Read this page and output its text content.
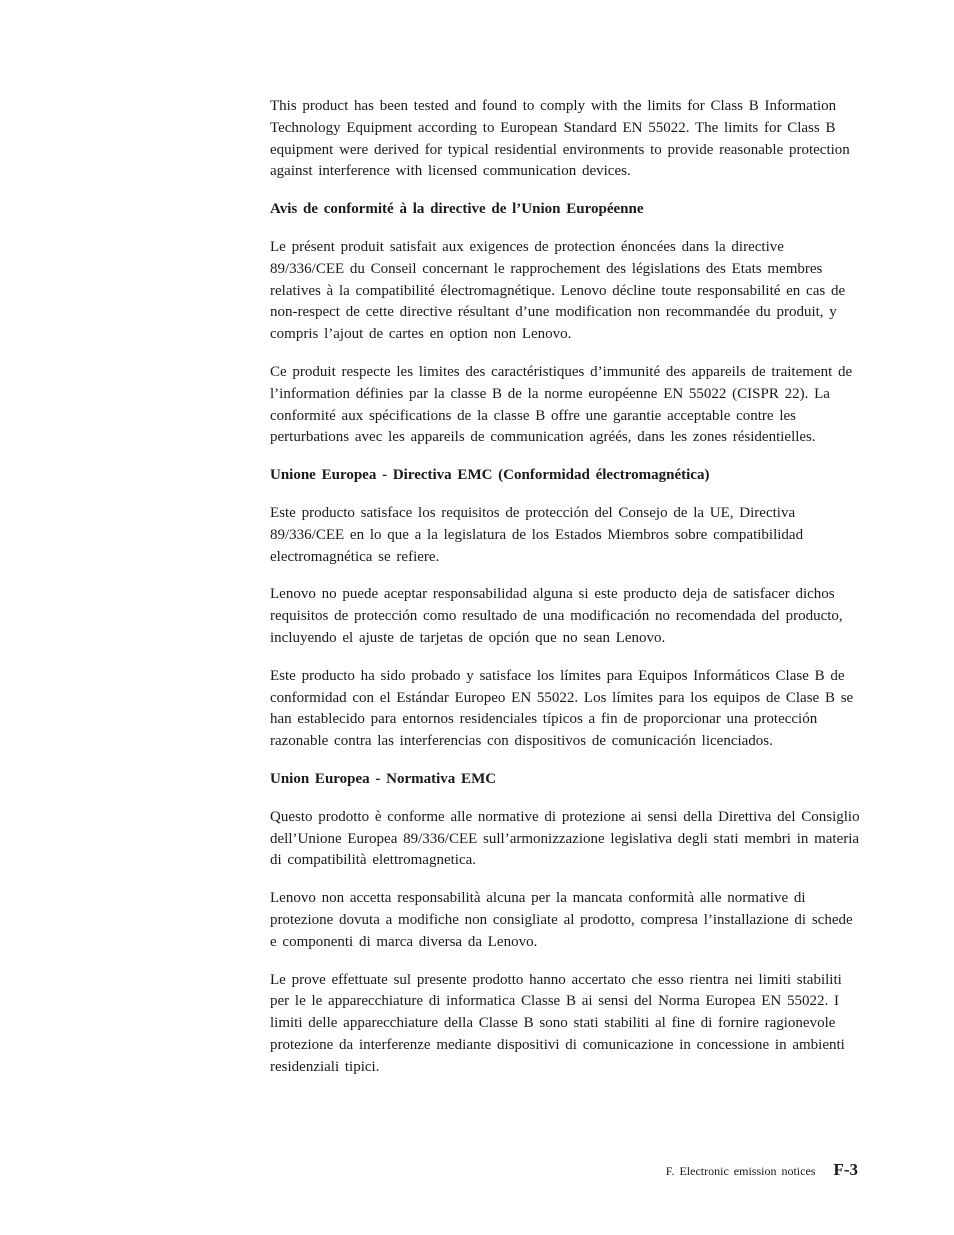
This product has been tested and found to comply with the limits for Class B Information Technology Equipment according to European Standard EN 55022. The limits for Class B equipment were derived for typical residential environments to provide reasonable protection against interference with licensed communication devices.

Avis de conformité à la directive de l’Union Européenne

Le présent produit satisfait aux exigences de protection énoncées dans la directive 89/336/CEE du Conseil concernant le rapprochement des législations des Etats membres relatives à la compatibilité électromagnétique. Lenovo décline toute responsabilité en cas de non-respect de cette directive résultant d’une modification non recommandée du produit, y compris l’ajout de cartes en option non Lenovo.

Ce produit respecte les limites des caractéristiques d’immunité des appareils de traitement de l’information définies par la classe B de la norme européenne EN 55022 (CISPR 22). La conformité aux spécifications de la classe B offre une garantie acceptable contre les perturbations avec les appareils de communication agréés, dans les zones résidentielles.

Unione Europea - Directiva EMC (Conformidad électromagnética)

Este producto satisface los requisitos de protección del Consejo de la UE, Directiva 89/336/CEE en lo que a la legislatura de los Estados Miembros sobre compatibilidad electromagnética se refiere.

Lenovo no puede aceptar responsabilidad alguna si este producto deja de satisfacer dichos requisitos de protección como resultado de una modificación no recomendada del producto, incluyendo el ajuste de tarjetas de opción que no sean Lenovo.

Este producto ha sido probado y satisface los límites para Equipos Informáticos Clase B de conformidad con el Estándar Europeo EN 55022. Los límites para los equipos de Clase B se han establecido para entornos residenciales típicos a fin de proporcionar una protección razonable contra las interferencias con dispositivos de comunicación licenciados.

Union Europea - Normativa EMC

Questo prodotto è conforme alle normative di protezione ai sensi della Direttiva del Consiglio dell’Unione Europea 89/336/CEE sull’armonizzazione legislativa degli stati membri in materia di compatibilità elettromagnetica.

Lenovo non accetta responsabilità alcuna per la mancata conformità alle normative di protezione dovuta a modifiche non consigliate al prodotto, compresa l’installazione di schede e componenti di marca diversa da Lenovo.

Le prove effettuate sul presente prodotto hanno accertato che esso rientra nei limiti stabiliti per le le apparecchiature di informatica Classe B ai sensi del Norma Europea EN 55022. I limiti delle apparecchiature della Classe B sono stati stabiliti al fine di fornire ragionevole protezione da interferenze mediante dispositivi di comunicazione in concessione in ambienti residenziali tipici.

F. Electronic emission notices F-3
